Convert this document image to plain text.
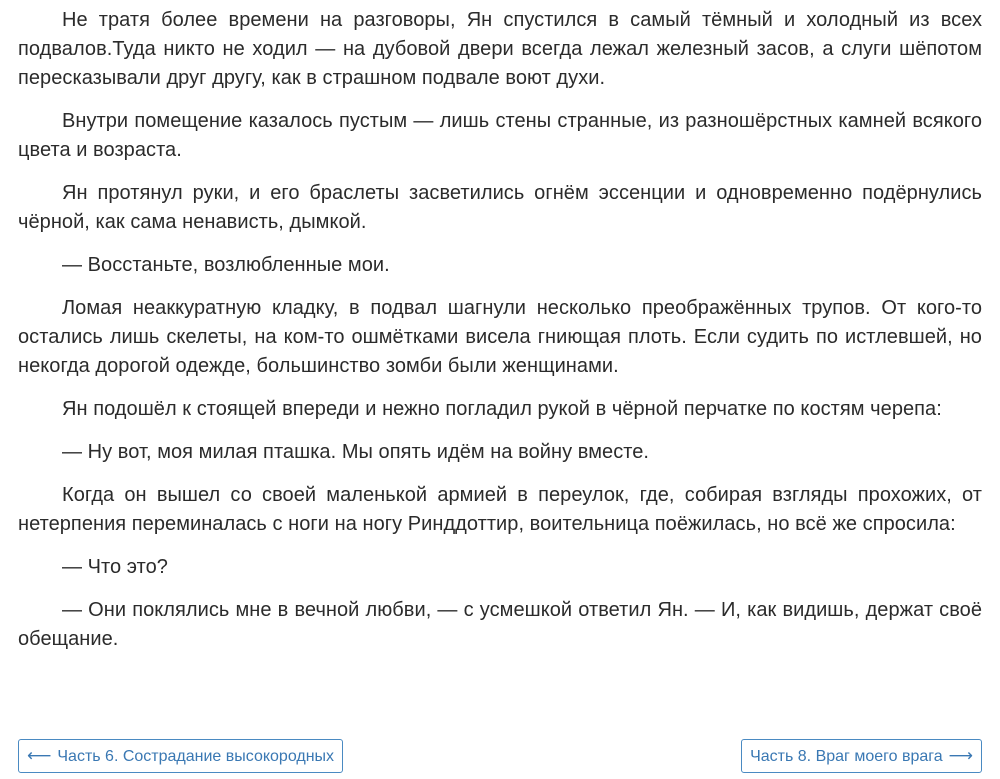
Не тратя более времени на разговоры, Ян спустился в самый тёмный и холодный из всех подвалов.Туда никто не ходил — на дубовой двери всегда лежал железный засов, а слуги шёпотом пересказывали друг другу, как в страшном подвале воют духи.

Внутри помещение казалось пустым — лишь стены странные, из разношёрстных камней всякого цвета и возраста.

Ян протянул руки, и его браслеты засветились огнём эссенции и одновременно подёрнулись чёрной, как сама ненависть, дымкой.

— Восстаньте, возлюбленные мои.

Ломая неаккуратную кладку, в подвал шагнули несколько преображённых трупов. От кого-то остались лишь скелеты, на ком-то ошмётками висела гниющая плоть. Если судить по истлевшей, но некогда дорогой одежде, большинство зомби были женщинами.

Ян подошёл к стоящей впереди и нежно погладил рукой в чёрной перчатке по костям черепа:

— Ну вот, моя милая пташка. Мы опять идём на войну вместе.

Когда он вышел со своей маленькой армией в переулок, где, собирая взгляды прохожих, от нетерпения переминалась с ноги на ногу Ринддоттир, воительница поёжилась, но всё же спросила:

— Что это?

— Они поклялись мне в вечной любви, — с усмешкой ответил Ян. — И, как видишь, держат своё обещание.

⟵ Часть 6. Сострадание высокородных	Часть 8. Враг моего врага ⟶
